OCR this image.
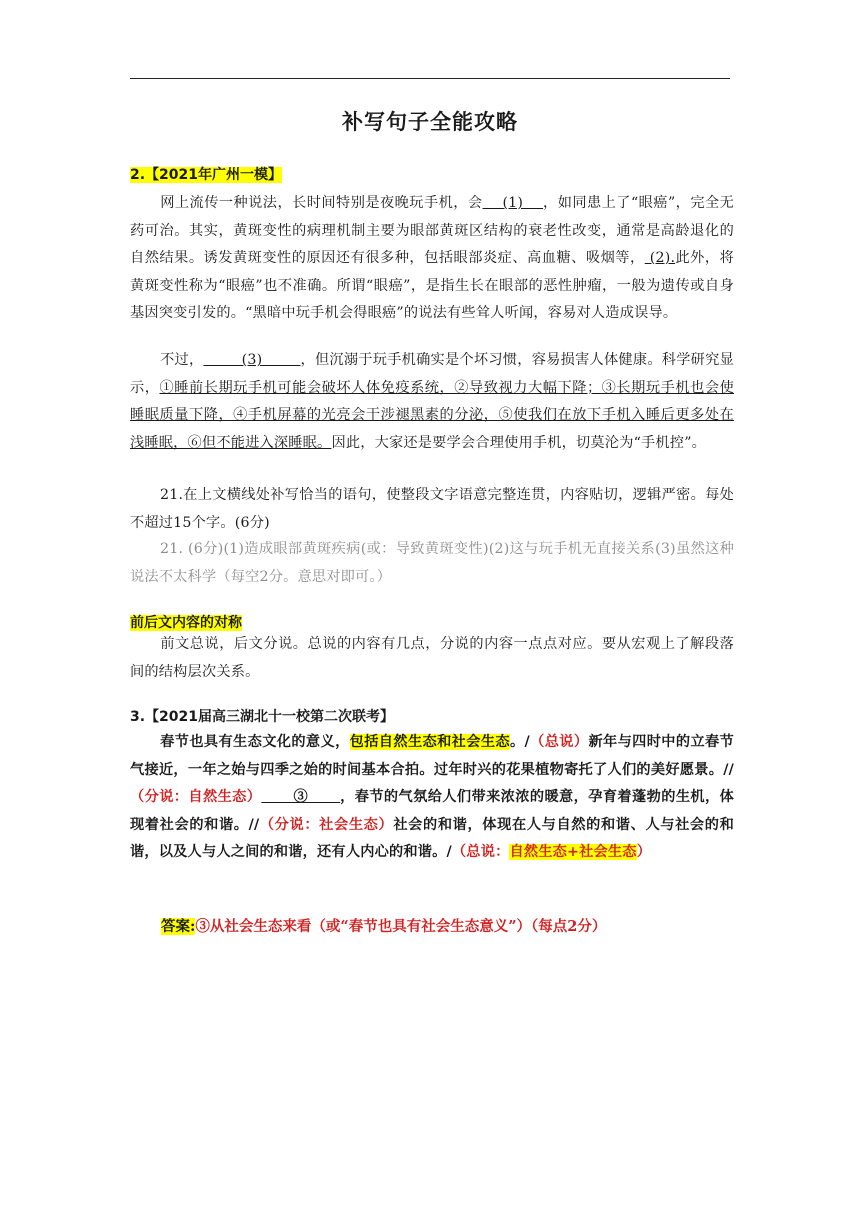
补写句子全能攻略
2.【2021年广州一模】
网上流传一种说法，长时间特别是夜晚玩手机，会    (1)    ，如同患上了“眼癌”，完全无药可治。其实，黄斑变性的病理机制主要为眼部黄斑区结构的衰老性改变，通常是高龄退化的自然结果。诱发黄斑变性的原因还有很多种，包括眼部炎症、高血糖、吸烟等， (2).此外，将黄斑变性称为“眼癌”也不准确。所谓“眼癌”，是指生长在眼部的恶性肿瘤，一般为遗传或自身基因突变引发的。“黑暗中玩手机会得眼癌”的说法有些耸人听闻，容易对人造成误导。
不过，        (3)        ，但沉溺于玩手机确实是个坏习惯，容易损害人体健康。科学研究显示，①睡前长期玩手机可能会破坏人体免疫系统，②导致视力大幅下降；③长期玩手机也会使睡眠质量下降，④手机屏幕的光亮会干涉褪黑素的分泌，⑤使我们在放下手机入睡后更多处在浅睡眠，⑥但不能进入深睡眠。因此，大家还是要学会合理使用手机，切莫沦为“手机控”。
21.在上文横线处补写恰当的语句，使整段文字语意完整连贯，内容贴切，逻辑严密。每处不超过15个字。(6分)
21. (6分)(1)造成眼部黄斑疾病(或：导致黄斑变性)(2)这与玩手机无直接关系(3)虽然这种说法不太科学（每空2分。意思对即可。）
前后文内容的对称
前文总说，后文分说。总说的内容有几点，分说的内容一点点对应。要从宏观上了解段落间的结构层次关系。
3.【2021届高三湖北十一校第二次联考】
春节也具有生态文化的意义，包括自然生态和社会生态。/（总说）新年与四时中的立春节气接近，一年之始与四季之始的时间基本合拍。过年时兴的花果植物寄托了人们的美好愿景。//（分说：自然生态）      ③      ，春节的气氛给人们带来浓浓的暖意，孕育着蓬勃的生机，体现着社会的和谐。//（分说：社会生态）社会的和谐，体现在人与自然的和谐、人与社会的和谐，以及人与人之间的和谐，还有人内心的和谐。/（总说：自然生态+社会生态）
答案:③从社会生态来看（或“春节也具有社会生态意义”）（每点2分）
